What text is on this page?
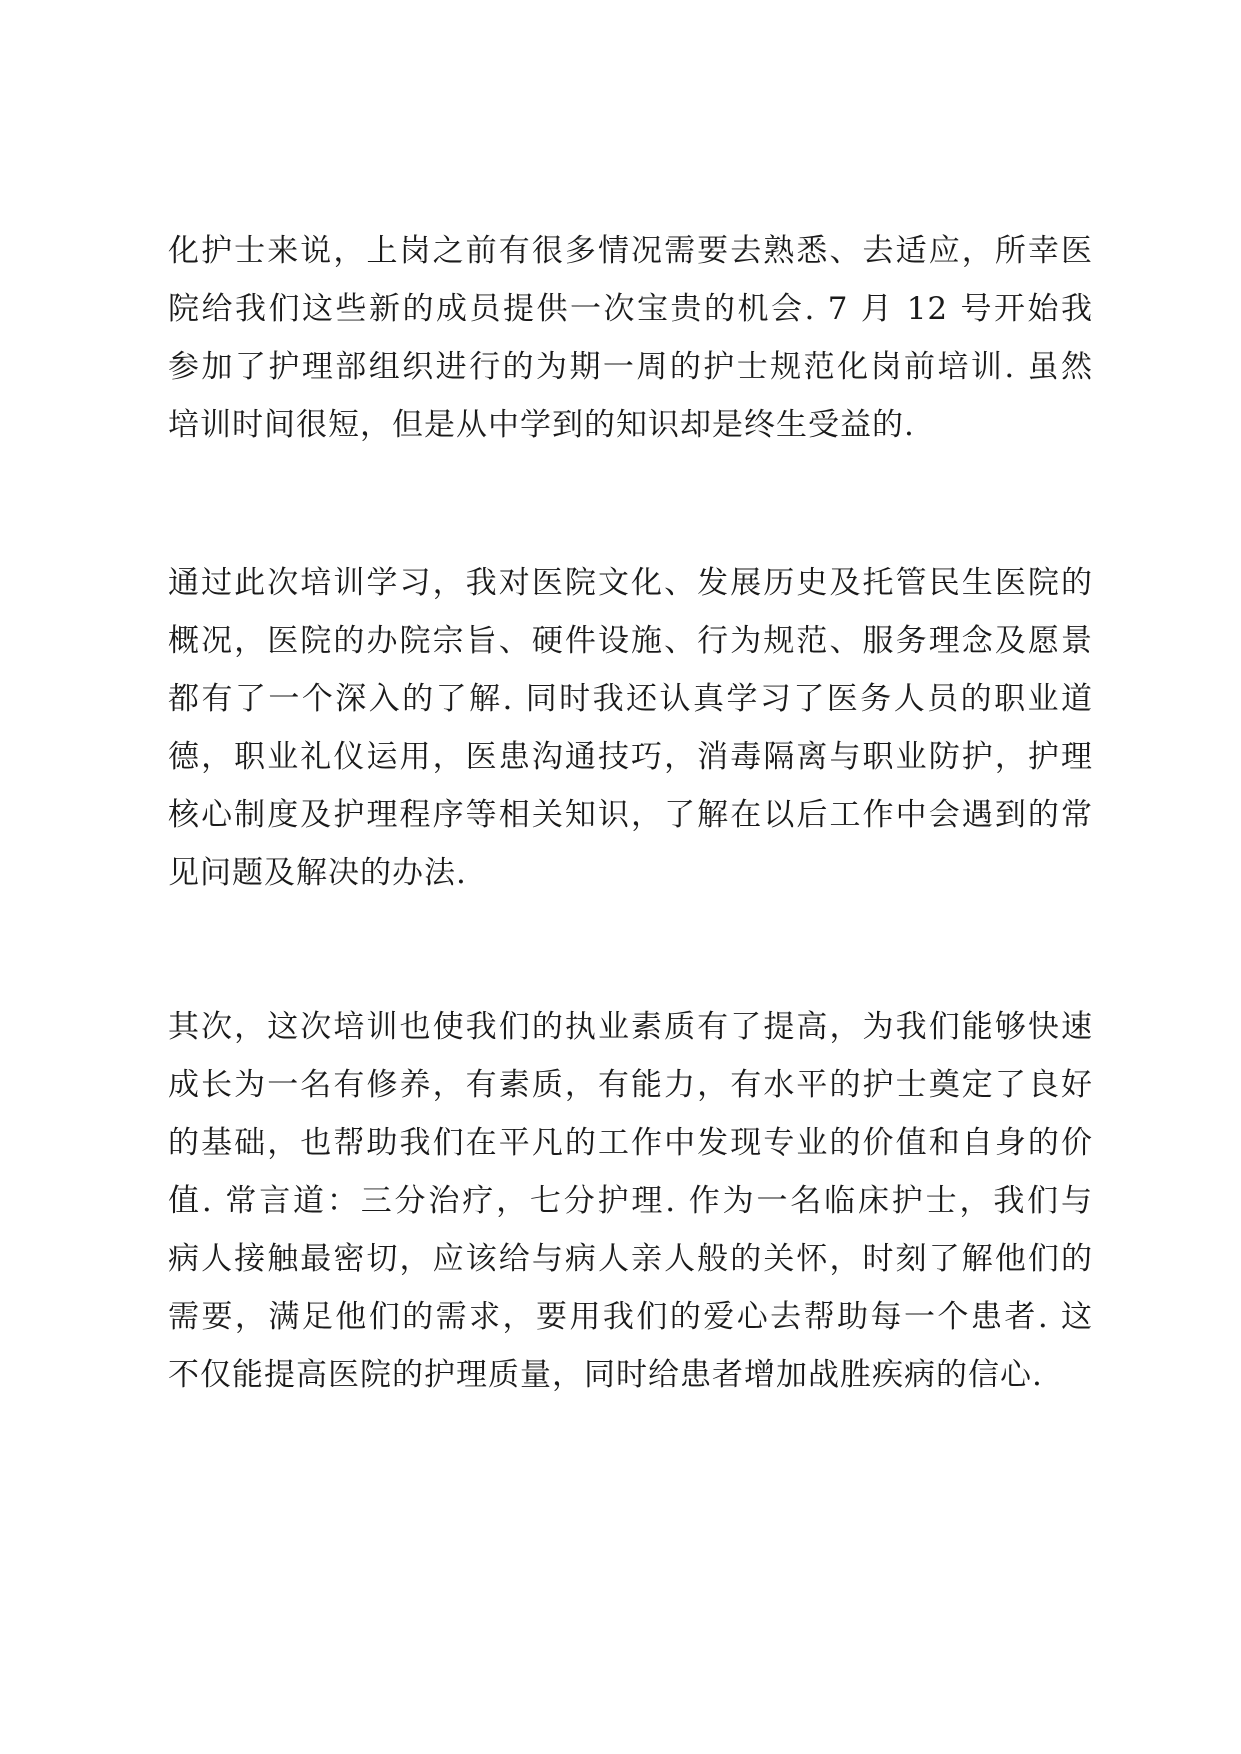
化护士来说，上岗之前有很多情况需要去熟悉、去适应，所幸医
院给我们这些新的成员提供一次宝贵的机会. 7 月 12 号开始我
参加了护理部组织进行的为期一周的护士规范化岗前培训. 虽然
培训时间很短，但是从中学到的知识却是终生受益的.
通过此次培训学习，我对医院文化、发展历史及托管民生医院的
概况，医院的办院宗旨、硬件设施、行为规范、服务理念及愿景
都有了一个深入的了解. 同时我还认真学习了医务人员的职业道
德，职业礼仪运用，医患沟通技巧，消毒隔离与职业防护，护理
核心制度及护理程序等相关知识，了解在以后工作中会遇到的常
见问题及解决的办法.
其次，这次培训也使我们的执业素质有了提高，为我们能够快速
成长为一名有修养，有素质，有能力，有水平的护士奠定了良好
的基础，也帮助我们在平凡的工作中发现专业的价值和自身的价
值. 常言道：三分治疗，七分护理. 作为一名临床护士，我们与
病人接触最密切，应该给与病人亲人般的关怀，时刻了解他们的
需要，满足他们的需求，要用我们的爱心去帮助每一个患者. 这
不仅能提高医院的护理质量，同时给患者增加战胜疾病的信心.
